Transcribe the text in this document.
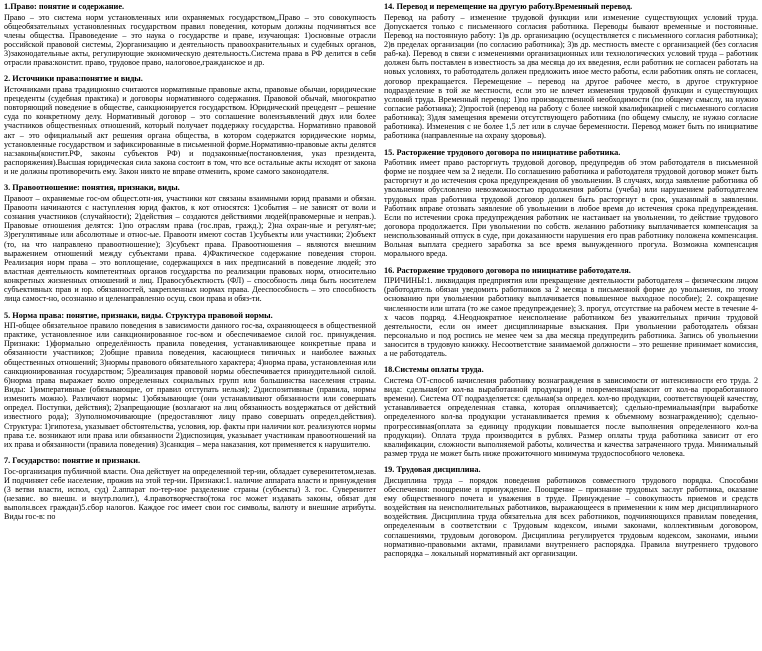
1.Право: понятие и содержание.

Право – это система норм установленных или охраняемых государством,,Право – это совокупность общеобязательных установленных государством правил поведения, которым должны подчиняться все члены общества. Правоведение – это наука о государстве и праве, изучающая: 1)основные отрасли российской правовой системы, 2)организацию и деятельность правоохранительных и судебных органов, 3)законодательные акты, регулирующие экономическую деятельность.Система права в РФ делится в себя отрасли права:констит. право, трудовое право, налоговое,гражданское и др.

2. Источники права:понятие и виды.

Источниками права традиционно считаются нормативные правовые акты, правовые обычаи, юридические прецеденты (судебная практика) и договоры нормативного содержания. Правовой обычай, многократно повторяющий поведение в обществе, санкционируется государством. Юридический прецедент – решение суда по конкретному делу. Нормативный договор – это соглашение волеизъявлений двух или более участников общественных отношений, который получает поддержку государства. Нормативно правовой акт – это официальный акт решения органа общества, в котором содержатся юридические нормы, установленные государством и зафиксированные в письменной форме.Нормативно-правовые акты делятся на:законы(констит.РФ, законы субъектов РФ) и подзаконные(постановления, указ президента, распоряжения).Высшая юридическая сила закона состоит в том, что все остальные акты исходят от закона и не должны противоречить ему. Закон никто не вправе отменить, кроме самого законодателя.

3. Правоотношение: понятия, признаки, виды.

Правоот – охраняемые гос-ом общест.отн-ия, участники кот связаны взаимными юрид правами и обязан. Правоотн начинаются с наступления юрид фактов, к кот относятся: 1)события – не зависят от воли и сознания участников (случайности); 2)действия – создаются действиями людей(правомерные и неправ.). Правовые отношения делятся: 1)по отраслям права (гос.прав, гражд.); 2)на охран-ные и регулят-ые; 3)регулятивные или абсолютные и относ-ые. Правоотн имеют состав 1)субъекты или участники; 2)объект (то, на что направлено правоотношение); 3)субъект права. Правоотношения – являются внешним выражением отношений между субъектами права. 4)Фактическое содержание поведения сторон. Реализация норм права – это воплощение, содержащихся в них предписаний в поведение людей; это властная деятельность компетентных органов государства по реализации правовых норм, относительно конкретных жизненных отношений и лиц. Правосубъектность (ФЛ) – способность лица быть носителем субъективных прав и юр. обязанностей, закрепленных нормах права. Дееспособность – это способность лица самост-но, осознанно и целенаправленно осущ. свои права и обяз-ти.

5. Норма права: понятие, признаки, виды. Структура правовой нормы.

НП-общее обязательное правило поведения в зависимости данного гос-ва, охраняющееся в общественной практике, установленное или санкционированное гос-вом и обеспечиваемое силой гос. принуждения. Признаки: 1)формально определённость правила поведения, устанавливающее конкретные права и обязанности участников; 2)общие правила поведения, касающиеся типичных и наиболее важных общественных отношений; 3)нормы правового обязательного характера; 4)норма права, установленная или санкционированная государством; 5)реализация правовой нормы обеспечивается принудительной силой. 6)норма права выражает волю определенных социальных групп или большинства населения страны. Виды: 1)императивные (обязывающие, от правил отступать нельзя); 2)диспозитивные (правила, нормы изменить можно). Различают нормы: 1)обязывающие (они устанавливают обязанности или совершать определ. Поступки, действия); 2)запрещающие (возлагают на лиц обязанность воздержаться от действий известного рода); 3)уполномочивающие (предоставляют лицу право совершать определ.действия). Структура: 1)гипотеза, указывает обстоятельства, условия, юр. факты при наличии кот. реализуются нормы права т.е. возникают или права или обязанности 2)диспозиция, указывает участникам правоотношений на их права и обязанности (правила поведения) 3)санкция – мера наказания, кот применяется к нарушителю.

7. Государство: понятие и признаки.

Гос-организация публичной власти. Она действует на определенной тер-ии, обладает суверенитетом,незав. И подчиняет себе население, прожив на этой тер-ии. Признаки:1. наличие аппарата власти и принуждения (3 ветви власти, испол, суд) 2.аппарат по-тер-ное разделение страны (субъекты) 3. гос. Суверенитет (независ. во внешн. и внутр.полит.), 4.правотворчество(тока гос может издавать законы, обязат для выполн.всех граждан)5.сбор налогов. Каждое гос имеет свои гос символы, валюту и внешние атрибуты. Виды гос-в: по

14. Перевод и перемещение на другую работу.Временный перевод.

Перевод на работу – изменение трудовой функции или изменение существующих условий труда. Допускается только с письменного согласия работника. Переводы бывают временные и постоянные. Перевод на постоянную работу: 1)в др. организацию (осуществляется с письменного согласия работника); 2)в пределах организации (по согласию работника); 3)в др. местность вместе с организацией (без согласия раб-ка). Перевод в связи с изменениями организационных или технологических условий труда – работник должен быть поставлен в известность за два месяца до их введения, если работник не согласен работать на новых условиях, то работодатель должен предложить иное место работы, если работник опять не согласен, договор прекращается. Перемещение – перевод на другое рабочее место, в другое структурное подразделение в той же местности, если это не влечет изменения трудовой функции и существующих условий труда. Временный перевод: 1)по производственной необходимости (по общему смыслу, на нужно согласие работника); 2)простой (перевод на работу с более низкой квалификацией с письменного согласия работника); 3)для замещения времени отсутствующего работника (по общему смыслу, не нужно согласие работника). Изменения с не более 1,5 лет или в случае беременности. Перевод может быть по инициативе работника (направленные на охрану здоровья).

15. Расторжение трудового договора по инициативе работника.

Работник имеет право расторгнуть трудовой договор, предупредив об этом работодателя в письменной форме не позднее чем за 2 недели. По соглашению работника и работодателя трудовой договор может быть расторгнут и до истечения срока предупреждения об увольнении. В случаях, когда заявление работника об увольнении обусловлено невозможностью продолжения работы (учеба) или нарушением работодателем трудовых прав работника трудовой договор должен быть расторгнут в срок, указанный в заявлении. Работник вправе отозвать заявление об увольнении в любое время до истечения срока предупреждения. Если по истечении срока предупреждения работник не настаивает на увольнении, то действие трудового договора продолжается. При увольнении по собств. желанию работнику выплачивается компенсация за неиспользованный отпуск в суде, при доказанности нарушения его прав работнику положена компенсация. Вольная выплата среднего заработка за все время вынужденного прогула. Возможна компенсация морального вреда.

16. Расторжение трудового договора по инициативе работодателя.

ПРИЧИНЫ:1. ликвидация предприятия или прекращение деятельности работодателя – физическим лицом (работодатель обязан уведомить работников за 2 месяца в письменной форме до увольнения, по этому основанию при увольнении работнику выплачивается повышенное выходное пособие); 2. сокращение численности или штата (то же самое предупреждение); 3. прогул, отсутствие на рабочем месте в течение 4-х часов подряд. 4.Неоднократное неисполнение работником без уважительных причин трудовой деятельности, если он имеет дисциплинарные взыскания. При увольнении работодатель обязан персонально и под роспись не менее чем за два месяца предупредить работника. Запись об увольнении заносится в трудовую книжку. Несоответствие занимаемой должности – это решение принимает комиссия, а не работодатель.

18.Системы оплаты труда.

Система ОТ-способ начисления работнику вознаграждения в зависимости от интенсивности его труда. 2 вида: сдельная(от кол-ва выработанной продукции) и повременная(зависит от кол-ва проработанного времени). Система ОТ подразделяется: сдельная(за определ. кол-во продукции, соответствующей качеству, устанавливается определенная ставка, которая оплачивается); сдельно-премиальная(при выработке определенного кол-ва продукции устанавливается премия к объемному вознаграждению); сдельно-прогрессивная(оплата за единицу продукции повышается после выполнения определенного кол-ва продукции). Оплата труда производится в рублях. Размер оплаты труда работника зависит от его квалификации, сложности выполняемой работы, количества и качества затраченного труда. Минимальный размер труда не может быть ниже прожиточного минимума трудоспособного человека.

19. Трудовая дисциплина.

Дисциплина труда – порядок поведения работников совместного трудового порядка. Способами обеспечения: поощрение и принуждение. Поощрение – признание трудовых заслуг работника, оказание ему общественного почета и уважения в труде. Принуждение – совокупность приемов и средств воздействия на неисполнительных работников, выражающееся в применении к ним мер дисциплинарного воздействия. Дисциплина труда обязательна для всех работников, подчиняющихся правилам поведения, определенным в соответствии с Трудовым кодексом, иными законами, коллективным договором, соглашениями, трудовым договором. Дисциплина регулируется трудовым кодексом, законами, иными нормативно-правовыми актами, правилами внутреннего распорядка. Правила внутреннего трудового распорядка – локальный нормативный акт организации.
